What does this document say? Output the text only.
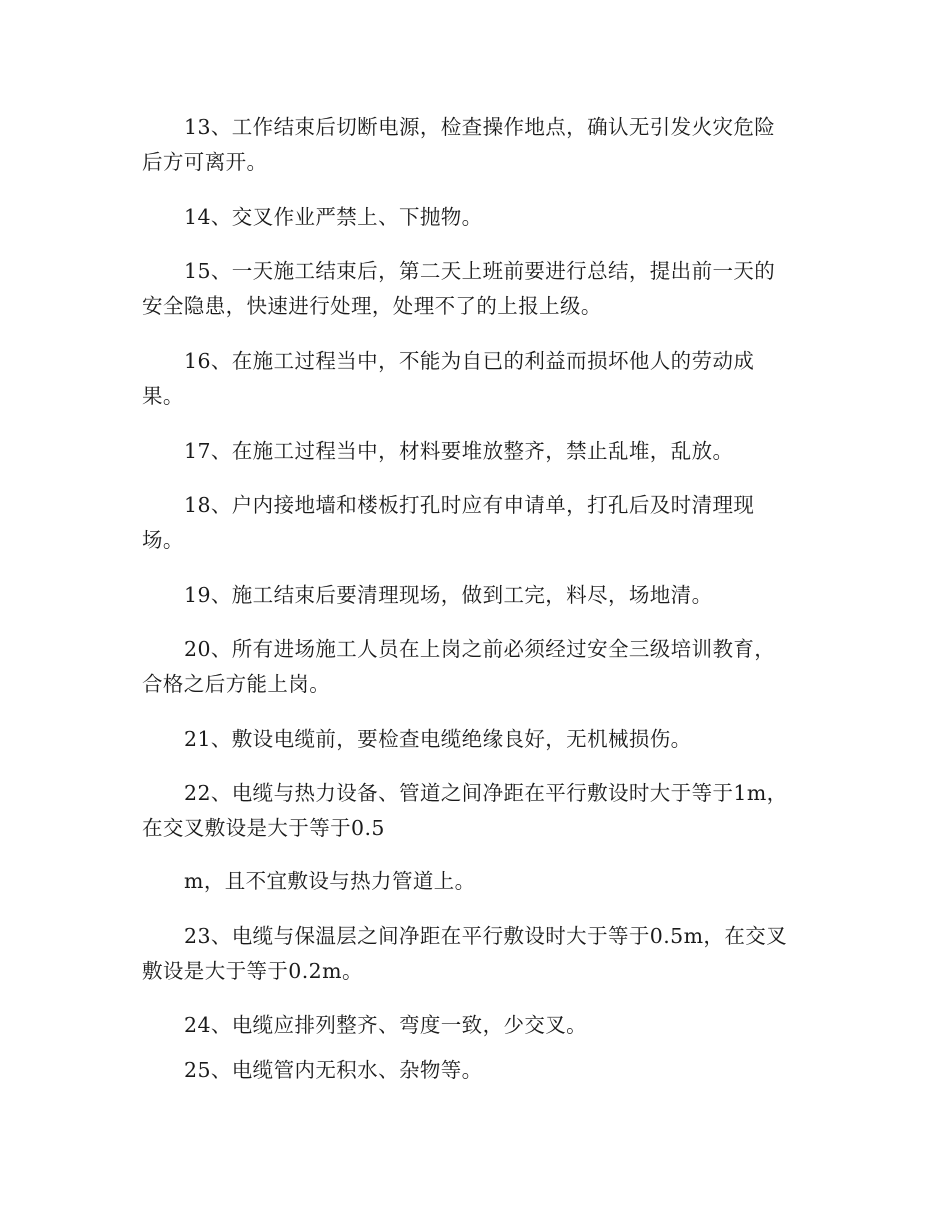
13、工作结束后切断电源，检查操作地点，确认无引发火灾危险

后方可离开。

14、交叉作业严禁上、下抛物。

15、一天施工结束后，第二天上班前要进行总结，提出前一天的

安全隐患，快速进行处理，处理不了的上报上级。

16、在施工过程当中，不能为自已的利益而损坏他人的劳动成

果。

17、在施工过程当中，材料要堆放整齐，禁止乱堆，乱放。

18、户内接地墙和楼板打孔时应有申请单，打孔后及时清理现

场。

19、施工结束后要清理现场，做到工完，料尽，场地清。

20、所有进场施工人员在上岗之前必须经过安全三级培训教育，

合格之后方能上岗。

21、敷设电缆前，要检查电缆绝缘良好，无机械损伤。

22、电缆与热力设备、管道之间净距在平行敷设时大于等于1m，

在交叉敷设是大于等于0.5

m，且不宜敷设与热力管道上。

23、电缆与保温层之间净距在平行敷设时大于等于0.5m，在交叉

敷设是大于等于0.2m。

24、电缆应排列整齐、弯度一致，少交叉。

25、电缆管内无积水、杂物等。
